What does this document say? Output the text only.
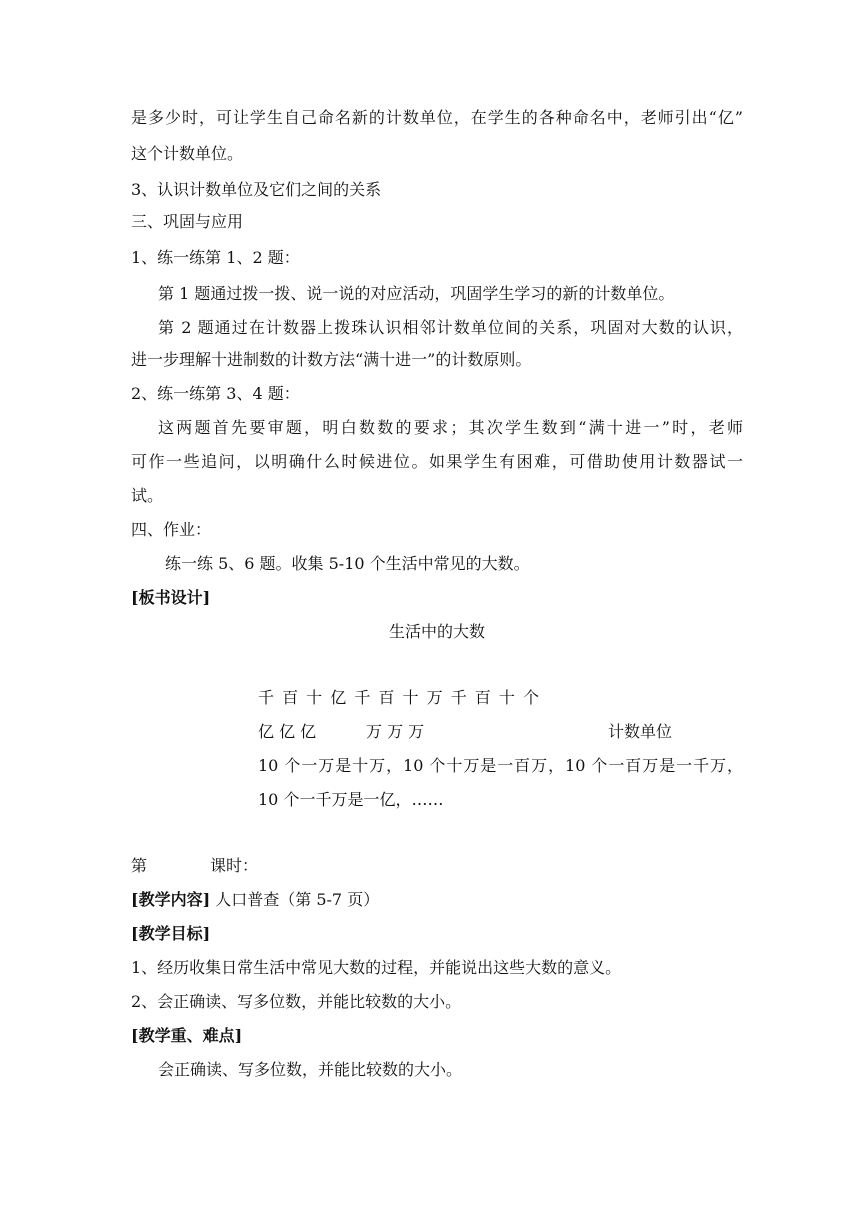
是多少时，可让学生自己命名新的计数单位，在学生的各种命名中，老师引出“亿”
这个计数单位。
3、认识计数单位及它们之间的关系
三、巩固与应用
1、练一练第 1、2 题：
第 1 题通过拨一拨、说一说的对应活动，巩固学生学习的新的计数单位。
第 2 题通过在计数器上拨珠认识相邻计数单位间的关系，巩固对大数的认识，
进一步理解十进制数的计数方法“满十进一”的计数原则。
2、练一练第 3、4 题：
这两题首先要审题，明白数数的要求；其次学生数到“满十进一”时，老师
可作一些追问，以明确什么时候进位。如果学生有困难，可借助使用计数器试一
试。
四、作业：
练一练 5、6 题。收集 5-10 个生活中常见的大数。
[板书设计]
生活中的大数
千 百 十 亿 千 百 十 万 千 百 十 个
亿 亿 亿	万 万 万	计数单位
10 个一万是十万，10 个十万是一百万，10 个一百万是一千万，
10 个一千万是一亿，……
第	课时：
[教学内容] 人口普查（第 5-7 页）
[教学目标]
1、经历收集日常生活中常见大数的过程，并能说出这些大数的意义。
2、会正确读、写多位数，并能比较数的大小。
[教学重、难点]
会正确读、写多位数，并能比较数的大小。
